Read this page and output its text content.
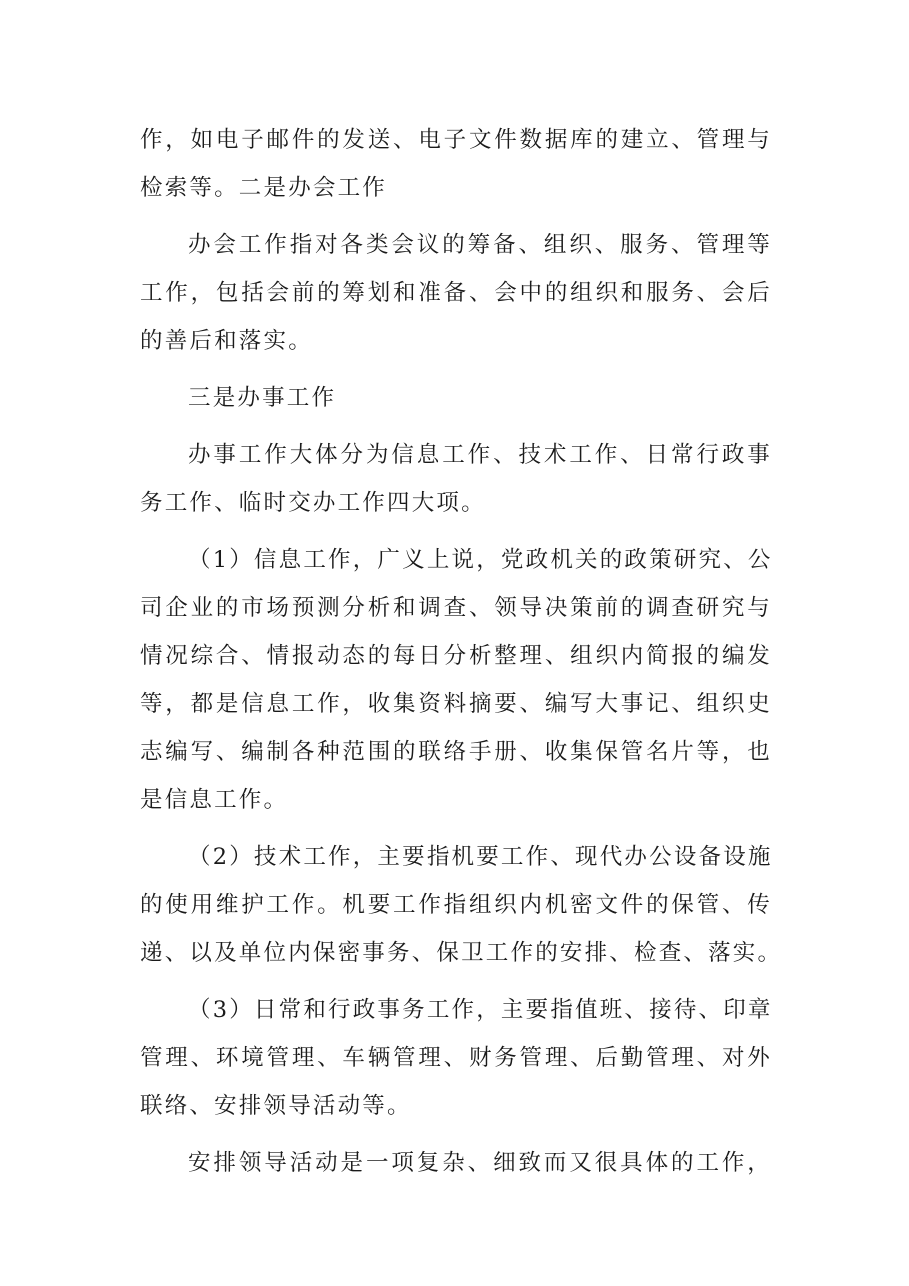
作，如电子邮件的发送、电子文件数据库的建立、管理与
检索等。二是办会工作
办会工作指对各类会议的筹备、组织、服务、管理等
工作，包括会前的筹划和准备、会中的组织和服务、会后
的善后和落实。
三是办事工作
办事工作大体分为信息工作、技术工作、日常行政事
务工作、临时交办工作四大项。
（1）信息工作，广义上说，党政机关的政策研究、公
司企业的市场预测分析和调查、领导决策前的调查研究与
情况综合、情报动态的每日分析整理、组织内简报的编发
等，都是信息工作，收集资料摘要、编写大事记、组织史
志编写、编制各种范围的联络手册、收集保管名片等，也
是信息工作。
（2）技术工作，主要指机要工作、现代办公设备设施
的使用维护工作。机要工作指组织内机密文件的保管、传
递、以及单位内保密事务、保卫工作的安排、检查、落实。
（3）日常和行政事务工作，主要指值班、接待、印章
管理、环境管理、车辆管理、财务管理、后勤管理、对外
联络、安排领导活动等。
安排领导活动是一项复杂、细致而又很具体的工作，
